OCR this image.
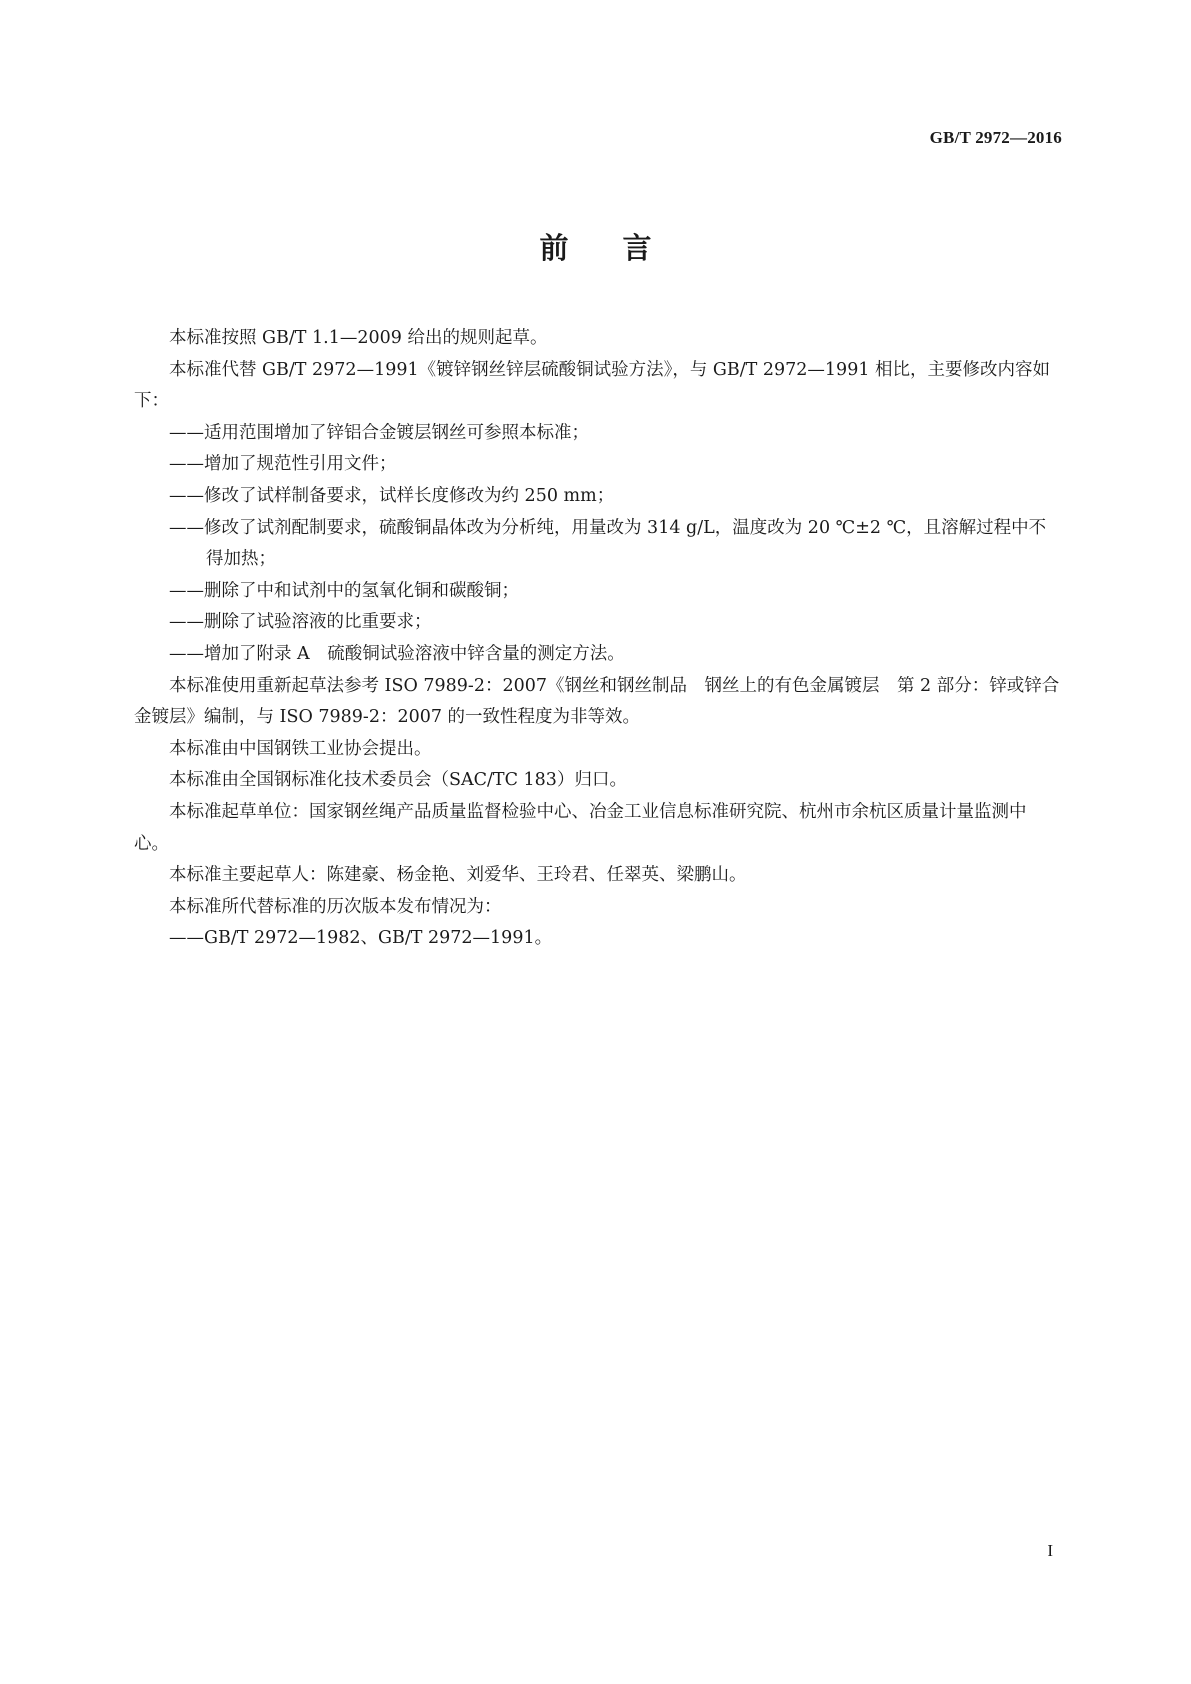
GB/T 2972—2016
前言

本标准按照 GB/T 1.1—2009 给出的规则起草。

本标准代替 GB/T 2972—1991《镀锌钢丝锌层硫酸铜试验方法》，与 GB/T 2972—1991 相比，主要修改内容如下：

——适用范围增加了锌铝合金镀层钢丝可参照本标准；

——增加了规范性引用文件；

——修改了试样制备要求，试样长度修改为约 250 mm；

——修改了试剂配制要求，硫酸铜晶体改为分析纯，用量改为 314 g/L，温度改为 20 ℃±2 ℃，且溶解过程中不得加热；

——删除了中和试剂中的氢氧化铜和碳酸铜；

——删除了试验溶液的比重要求；

——增加了附录 A　硫酸铜试验溶液中锌含量的测定方法。

本标准使用重新起草法参考 ISO 7989-2：2007《钢丝和钢丝制品　钢丝上的有色金属镀层　第 2 部分：锌或锌合金镀层》编制，与 ISO 7989-2：2007 的一致性程度为非等效。

本标准由中国钢铁工业协会提出。

本标准由全国钢标准化技术委员会（SAC/TC 183）归口。

本标准起草单位：国家钢丝绳产品质量监督检验中心、冶金工业信息标准研究院、杭州市余杭区质量计量监测中心。

本标准主要起草人：陈建豪、杨金艳、刘爱华、王玲君、任翠英、梁鹏山。

本标准所代替标准的历次版本发布情况为：

——GB/T 2972—1982、GB/T 2972—1991。

I
